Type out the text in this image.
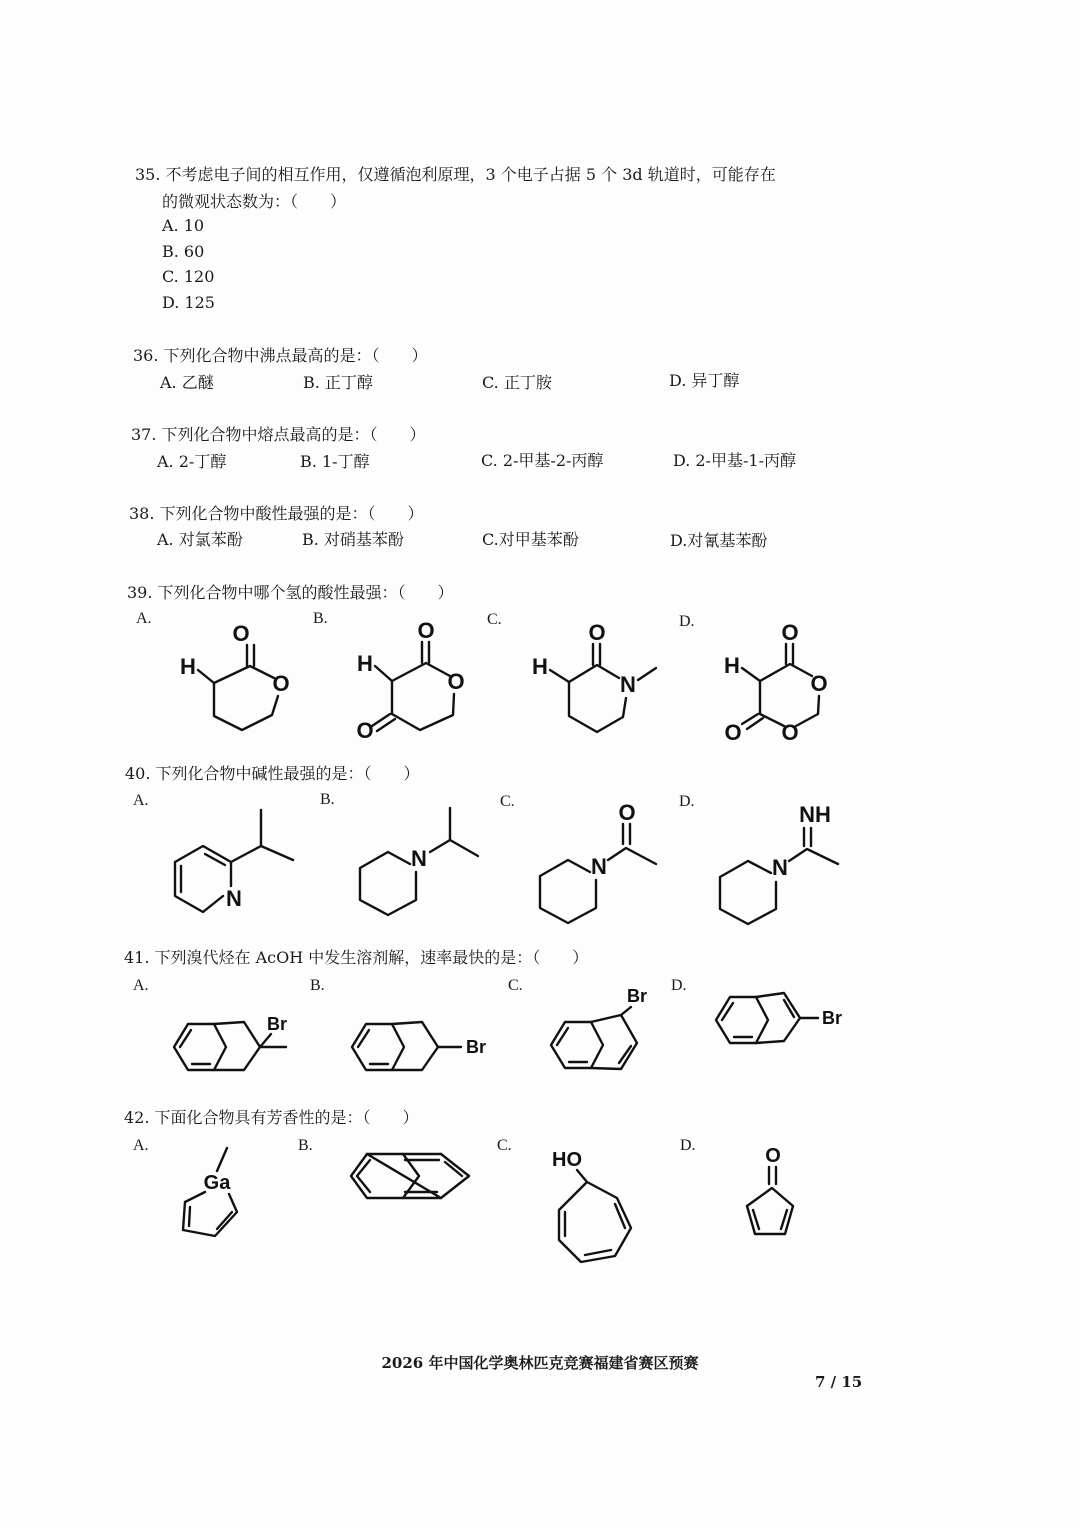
35. 不考虑电子间的相互作用，仅遵循泡利原理，3 个电子占据 5 个 3d 轨道时，可能存在
的微观状态数为：（　　）
A. 10
B. 60
C. 120
D. 125
36. 下列化合物中沸点最高的是：（　　）
A. 乙醚	B. 正丁醇	C. 正丁胺	D. 异丁醇
37. 下列化合物中熔点最高的是：（　　）
A. 2-丁醇	B. 1-丁醇	C. 2-甲基-2-丙醇	D. 2-甲基-1-丙醇
38. 下列化合物中酸性最强的是：（　　）
A. 对氯苯酚	B. 对硝基苯酚	C.对甲基苯酚	D.对氰基苯酚
39. 下列化合物中哪个氢的酸性最强：（　　）
A.	B.	C.	D.
O
H
O
O
H
O
O
O
H
N
O
H
O
O O
40. 下列化合物中碱性最强的是：（　　）
A.	B.	C.	D.
N
N	N
O
N
NH
41. 下列溴代烃在 AcOH 中发生溶剂解，速率最快的是：（　　）
A.	B.	C.	D.
Br
Br
Br
Br
42. 下面化合物具有芳香性的是：（　　）
A.	B.	C.	D.
Ga
HO	O
2026 年中国化学奥林匹克竞赛福建省赛区预赛
7 / 15
